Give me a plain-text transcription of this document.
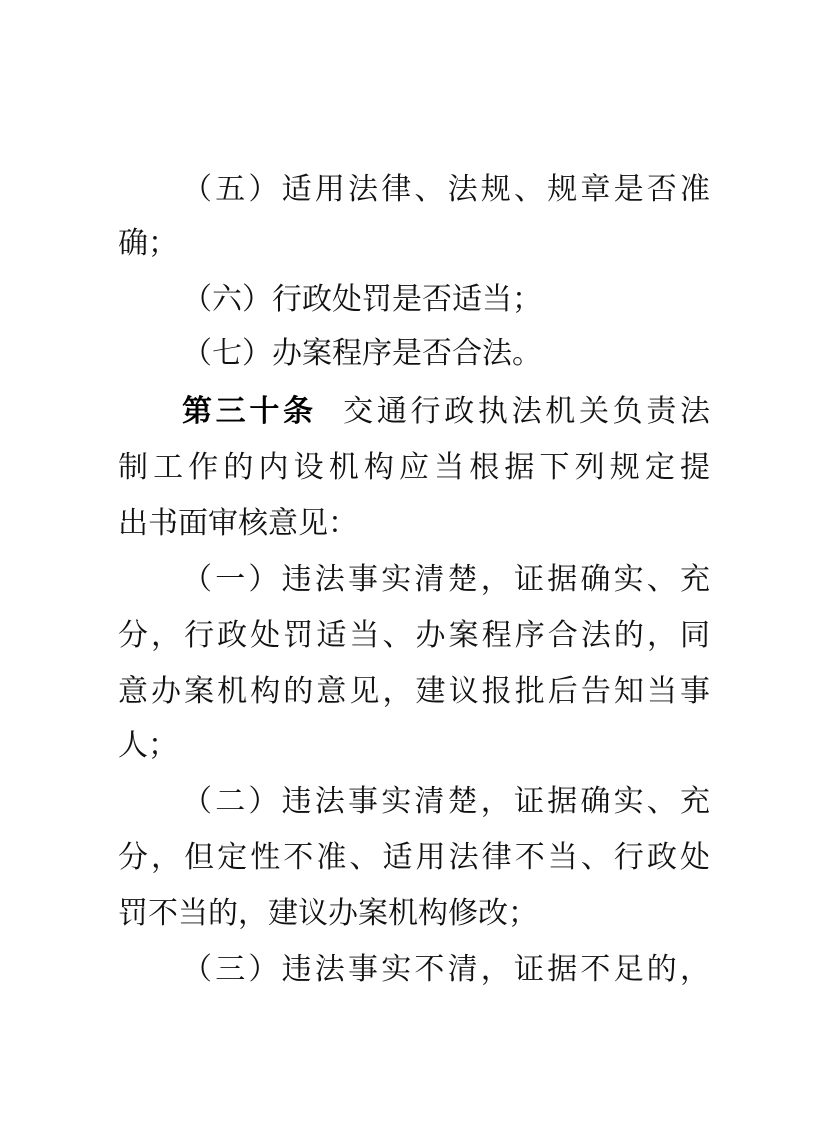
（五）适用法律、法规、规章是否准
确；
（六）行政处罚是否适当；
（七）办案程序是否合法。
第三十条 交通行政执法机关负责法
制工作的内设机构应当根据下列规定提
出书面审核意见：
（一）违法事实清楚，证据确实、充
分，行政处罚适当、办案程序合法的，同
意办案机构的意见，建议报批后告知当事
人；
（二）违法事实清楚，证据确实、充
分，但定性不准、适用法律不当、行政处
罚不当的，建议办案机构修改；
（三）违法事实不清，证据不足的，
